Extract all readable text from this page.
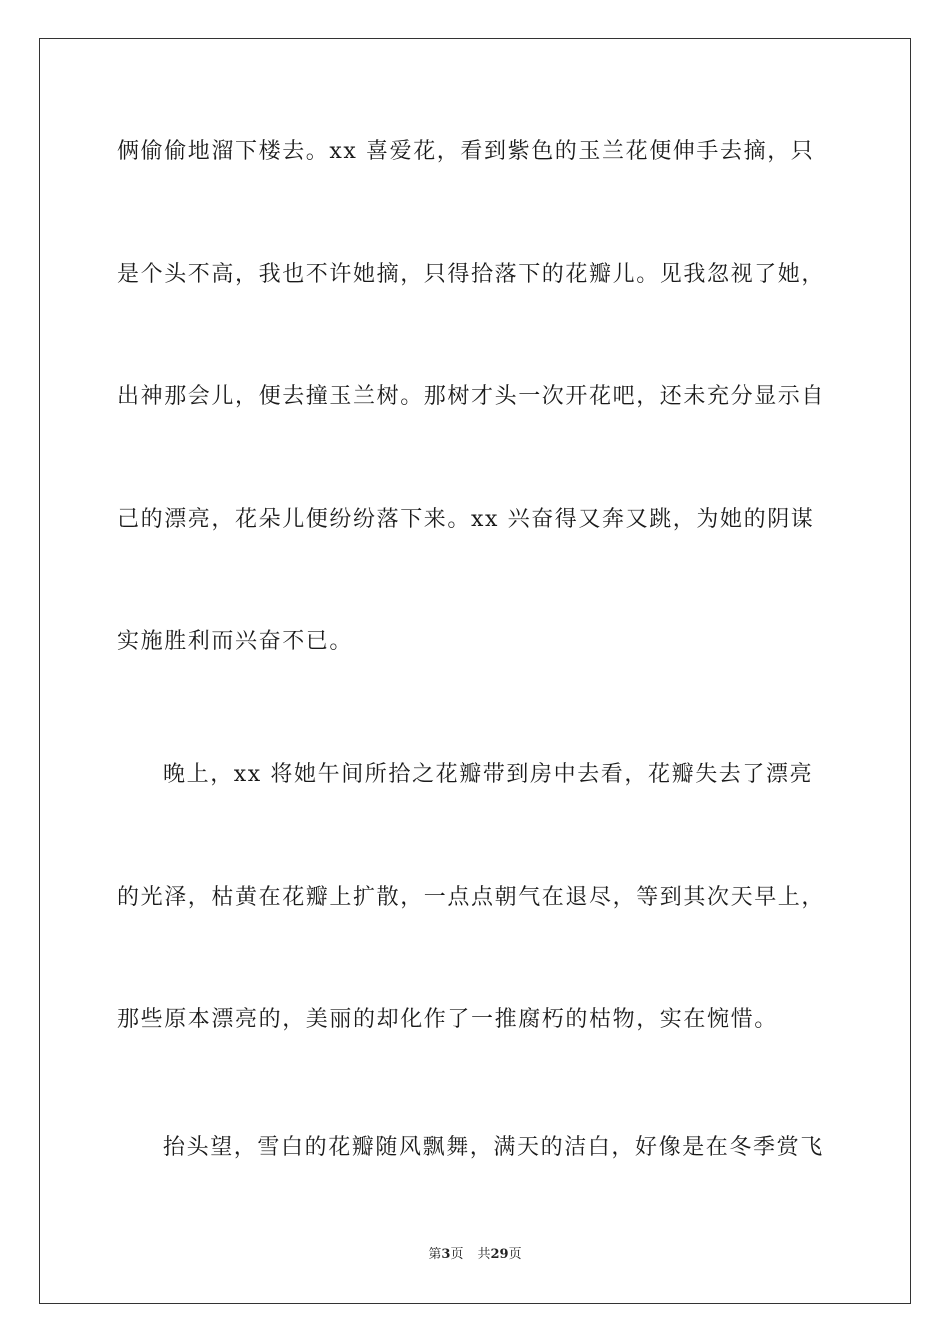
俩偷偷地溜下楼去。xx 喜爱花，看到紫色的玉兰花便伸手去摘，只
是个头不高，我也不许她摘，只得拾落下的花瓣儿。见我忽视了她，
出神那会儿，便去撞玉兰树。那树才头一次开花吧，还未充分显示自
己的漂亮，花朵儿便纷纷落下来。xx 兴奋得又奔又跳，为她的阴谋
实施胜利而兴奋不已。
晚上，xx 将她午间所拾之花瓣带到房中去看，花瓣失去了漂亮
的光泽，枯黄在花瓣上扩散，一点点朝气在退尽，等到其次天早上，
那些原本漂亮的，美丽的却化作了一推腐朽的枯物，实在惋惜。
抬头望，雪白的花瓣随风飘舞，满天的洁白，好像是在冬季赏飞
第3页 共29页
